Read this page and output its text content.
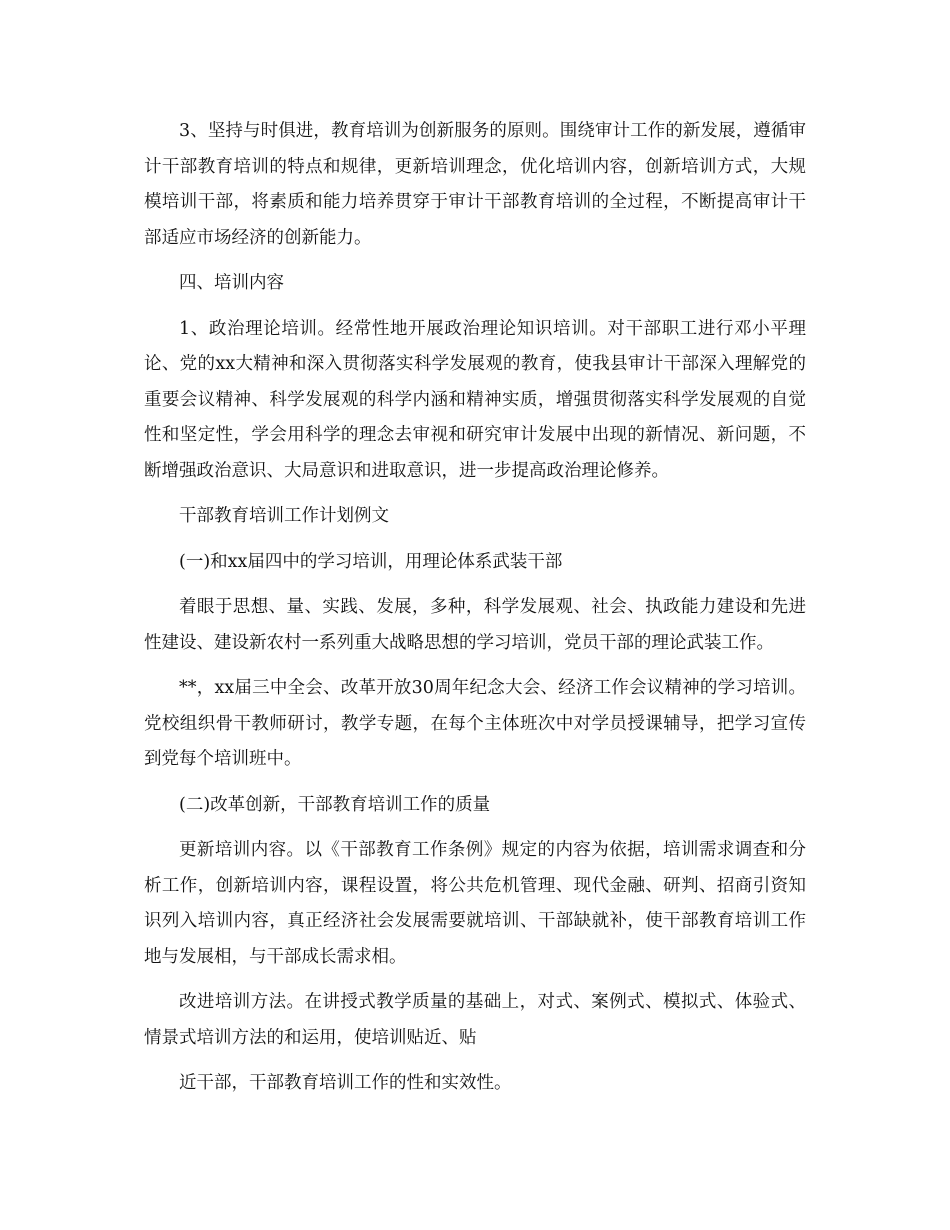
3、坚持与时俱进，教育培训为创新服务的原则。围绕审计工作的新发展，遵循审计干部教育培训的特点和规律，更新培训理念，优化培训内容，创新培训方式，大规模培训干部，将素质和能力培养贯穿于审计干部教育培训的全过程，不断提高审计干部适应市场经济的创新能力。

四、培训内容

1、政治理论培训。经常性地开展政治理论知识培训。对干部职工进行邓小平理论、党的xx大精神和深入贯彻落实科学发展观的教育，使我县审计干部深入理解党的重要会议精神、科学发展观的科学内涵和精神实质，增强贯彻落实科学发展观的自觉性和坚定性，学会用科学的理念去审视和研究审计发展中出现的新情况、新问题，不断增强政治意识、大局意识和进取意识，进一步提高政治理论修养。

干部教育培训工作计划例文

(一)和xx届四中的学习培训，用理论体系武装干部

着眼于思想、量、实践、发展，多种，科学发展观、社会、执政能力建设和先进性建设、建设新农村一系列重大战略思想的学习培训，党员干部的理论武装工作。

**，xx届三中全会、改革开放30周年纪念大会、经济工作会议精神的学习培训。党校组织骨干教师研讨，教学专题，在每个主体班次中对学员授课辅导，把学习宣传到党每个培训班中。

(二)改革创新，干部教育培训工作的质量

更新培训内容。以《干部教育工作条例》规定的内容为依据，培训需求调查和分析工作，创新培训内容，课程设置，将公共危机管理、现代金融、研判、招商引资知识列入培训内容，真正经济社会发展需要就培训、干部缺就补，使干部教育培训工作地与发展相，与干部成长需求相。

改进培训方法。在讲授式教学质量的基础上，对式、案例式、模拟式、体验式、情景式培训方法的和运用，使培训贴近、贴

近干部，干部教育培训工作的性和实效性。
